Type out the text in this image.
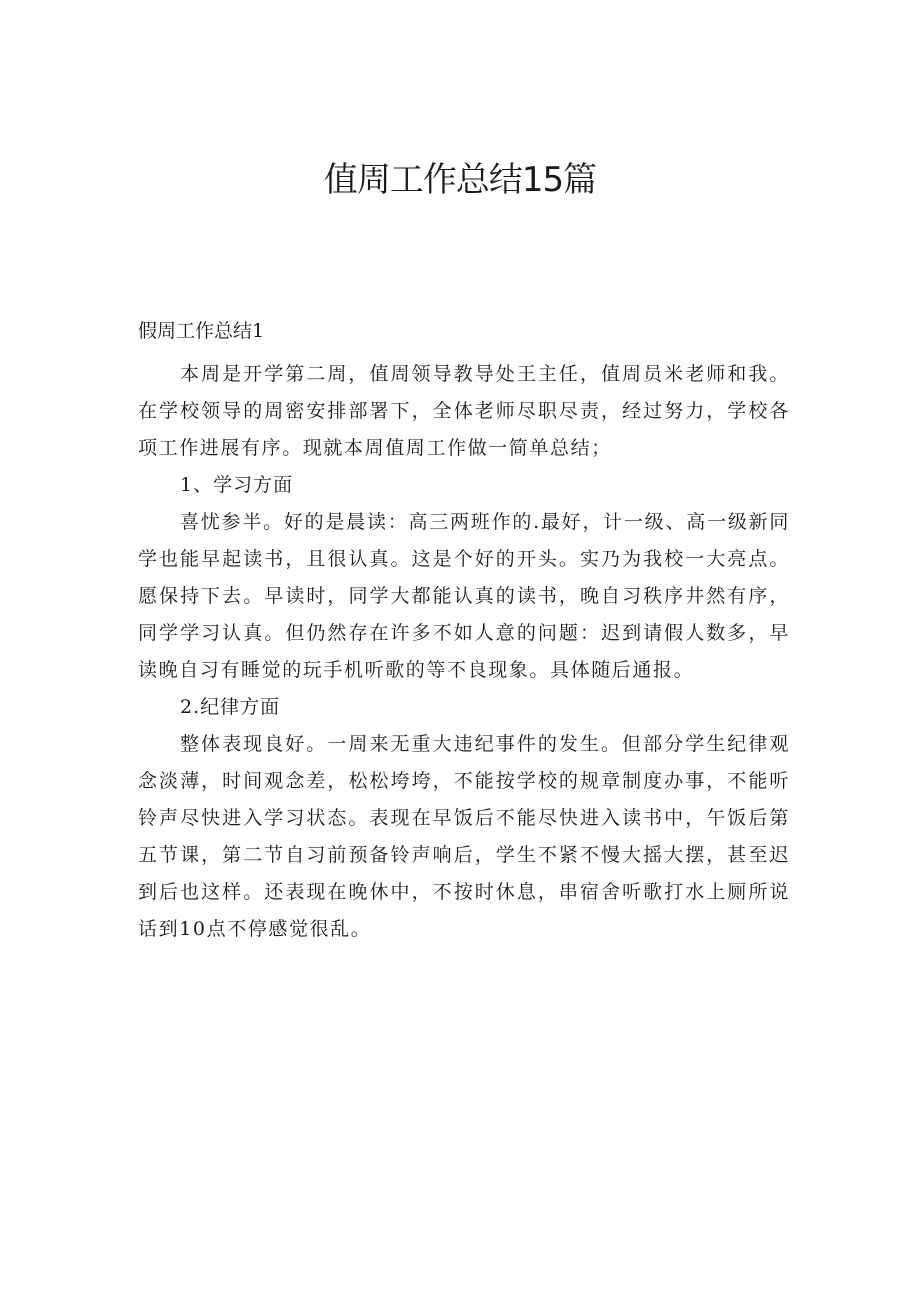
值周工作总结15篇

假周工作总结1

本周是开学第二周，值周领导教导处王主任，值周员米老师和我。在学校领导的周密安排部署下，全体老师尽职尽责，经过努力，学校各项工作进展有序。现就本周值周工作做一简单总结；

1、学习方面

喜忧参半。好的是晨读：高三两班作的.最好，计一级、高一级新同学也能早起读书，且很认真。这是个好的开头。实乃为我校一大亮点。愿保持下去。早读时，同学大都能认真的读书，晚自习秩序井然有序，同学学习认真。但仍然存在许多不如人意的问题：迟到请假人数多，早读晚自习有睡觉的玩手机听歌的等不良现象。具体随后通报。

2.纪律方面

整体表现良好。一周来无重大违纪事件的发生。但部分学生纪律观念淡薄，时间观念差，松松垮垮，不能按学校的规章制度办事，不能听铃声尽快进入学习状态。表现在早饭后不能尽快进入读书中，午饭后第五节课，第二节自习前预备铃声响后，学生不紧不慢大摇大摆，甚至迟到后也这样。还表现在晚休中，不按时休息，串宿舍听歌打水上厕所说话到10点不停感觉很乱。
